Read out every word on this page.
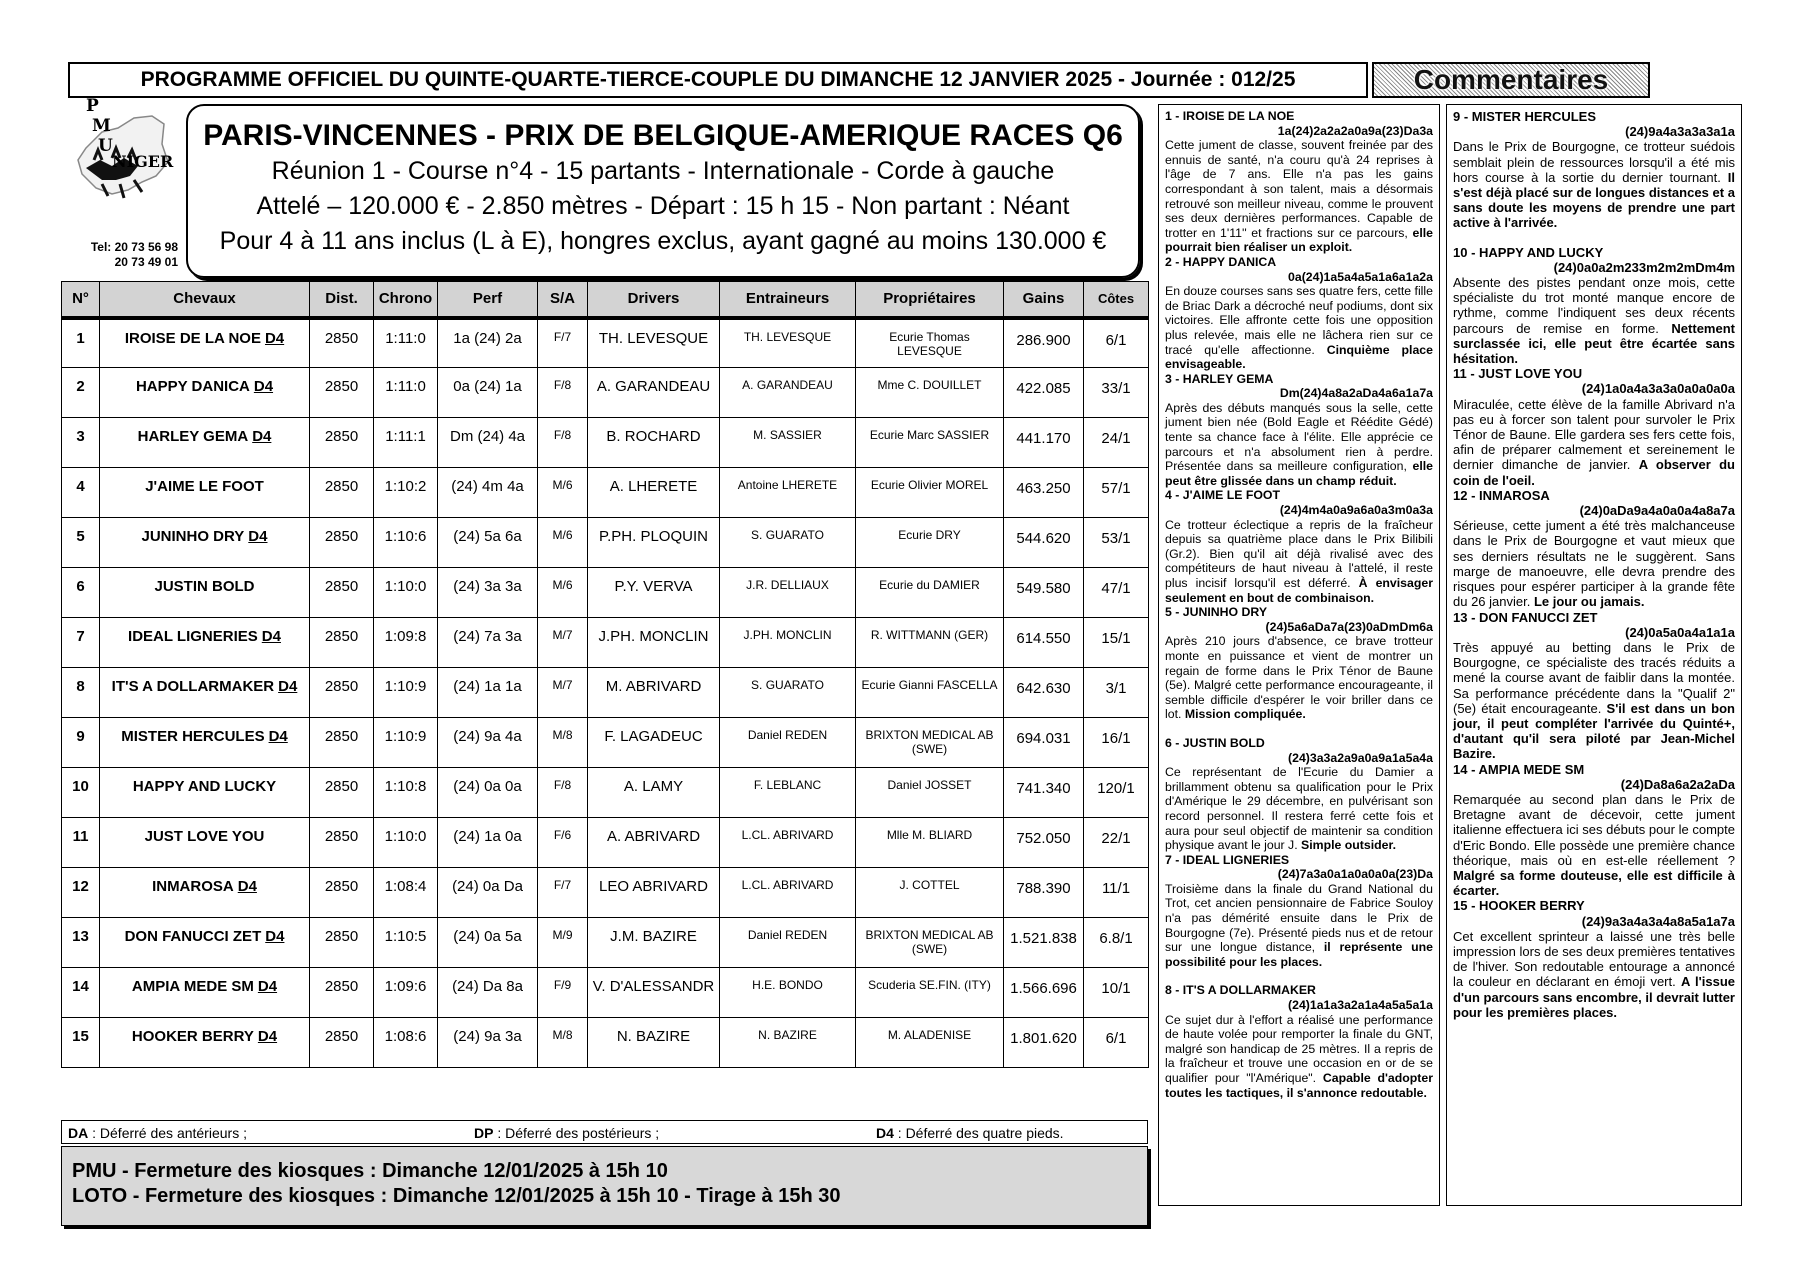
PROGRAMME OFFICIEL DU QUINTE-QUARTE-TIERCE-COUPLE DU DIMANCHE 12 JANVIER 2025 - Journée : 012/25	Commentaires
P
M
U
NIGER
Tel: 20 73 56 98
20 73 49 01
PARIS-VINCENNES - PRIX DE BELGIQUE-AMERIQUE RACES Q6
Réunion 1 - Course n°4 - 15 partants - Internationale - Corde à gauche
Attelé – 120.000 € - 2.850 mètres - Départ : 15 h 15 - Non partant : Néant
Pour 4 à 11 ans inclus (L à E), hongres exclus, ayant gagné au moins 130.000 €
N°	Chevaux	Dist.	Chrono	Perf	S/A	Drivers	Entraineurs	Propriétaires	Gains	Côtes
1	IROISE DE LA NOE D4	2850	1:11:0	1a (24) 2a	F/7	TH. LEVESQUE	TH. LEVESQUE	Ecurie Thomas LEVESQUE	286.900	6/1
2	HAPPY DANICA D4	2850	1:11:0	0a (24) 1a	F/8	A. GARANDEAU	A. GARANDEAU	Mme C. DOUILLET	422.085	33/1
3	HARLEY GEMA D4	2850	1:11:1	Dm (24) 4a	F/8	B. ROCHARD	M. SASSIER	Ecurie Marc SASSIER	441.170	24/1
4	J'AIME LE FOOT	2850	1:10:2	(24) 4m 4a	M/6	A. LHERETE	Antoine LHERETE	Ecurie Olivier MOREL	463.250	57/1
5	JUNINHO DRY D4	2850	1:10:6	(24) 5a 6a	M/6	P.PH. PLOQUIN	S. GUARATO	Ecurie DRY	544.620	53/1
6	JUSTIN BOLD	2850	1:10:0	(24) 3a 3a	M/6	P.Y. VERVA	J.R. DELLIAUX	Ecurie du DAMIER	549.580	47/1
7	IDEAL LIGNERIES D4	2850	1:09:8	(24) 7a 3a	M/7	J.PH. MONCLIN	J.PH. MONCLIN	R. WITTMANN (GER)	614.550	15/1
8	IT'S A DOLLARMAKER D4	2850	1:10:9	(24) 1a 1a	M/7	M. ABRIVARD	S. GUARATO	Ecurie Gianni FASCELLA	642.630	3/1
9	MISTER HERCULES D4	2850	1:10:9	(24) 9a 4a	M/8	F. LAGADEUC	Daniel REDEN	BRIXTON MEDICAL AB (SWE)	694.031	16/1
10	HAPPY AND LUCKY	2850	1:10:8	(24) 0a 0a	F/8	A. LAMY	F. LEBLANC	Daniel JOSSET	741.340	120/1
11	JUST LOVE YOU	2850	1:10:0	(24) 1a 0a	F/6	A. ABRIVARD	L.CL. ABRIVARD	Mlle M. BLIARD	752.050	22/1
12	INMAROSA D4	2850	1:08:4	(24) 0a Da	F/7	LEO ABRIVARD	L.CL. ABRIVARD	J. COTTEL	788.390	11/1
13	DON FANUCCI ZET D4	2850	1:10:5	(24) 0a 5a	M/9	J.M. BAZIRE	Daniel REDEN	BRIXTON MEDICAL AB (SWE)	1.521.838	6.8/1
14	AMPIA MEDE SM D4	2850	1:09:6	(24) Da 8a	F/9	V. D'ALESSANDR	H.E. BONDO	Scuderia SE.FIN. (ITY)	1.566.696	10/1
15	HOOKER BERRY D4	2850	1:08:6	(24) 9a 3a	M/8	N. BAZIRE	N. BAZIRE	M. ALADENISE	1.801.620	6/1
DA : Déferré des antérieurs ;	DP : Déferré des postérieurs ;	D4 : Déferré des quatre pieds.
PMU - Fermeture des kiosques : Dimanche 12/01/2025 à 15h 10
LOTO - Fermeture des kiosques : Dimanche 12/01/2025 à 15h 10 - Tirage à 15h 30
1 - IROISE DE LA NOE
1a(24)2a2a2a0a9a(23)Da3a
Cette jument de classe, souvent freinée par des ennuis de santé, n'a couru qu'à 24 reprises à l'âge de 7 ans. Elle n'a pas les gains correspondant à son talent, mais a désormais retrouvé son meilleur niveau, comme le prouvent ses deux dernières performances. Capable de trotter en 1'11'' et fractions sur ce parcours, elle pourrait bien réaliser un exploit.
2 - HAPPY DANICA
0a(24)1a5a4a5a1a6a1a2a
En douze courses sans ses quatre fers, cette fille de Briac Dark a décroché neuf podiums, dont six victoires. Elle affronte cette fois une opposition plus relevée, mais elle ne lâchera rien sur ce tracé qu'elle affectionne. Cinquième place envisageable.
3 - HARLEY GEMA
Dm(24)4a8a2aDa4a6a1a7a
Après des débuts manqués sous la selle, cette jument bien née (Bold Eagle et Réédite Gédé) tente sa chance face à l'élite. Elle apprécie ce parcours et n'a absolument rien à perdre. Présentée dans sa meilleure configuration, elle peut être glissée dans un champ réduit.
4 - J'AIME LE FOOT
(24)4m4a0a9a6a0a3m0a3a
Ce trotteur éclectique a repris de la fraîcheur depuis sa quatrième place dans le Prix Bilibili (Gr.2). Bien qu'il ait déjà rivalisé avec des compétiteurs de haut niveau à l'attelé, il reste plus incisif lorsqu'il est déferré. À envisager seulement en bout de combinaison.
5 - JUNINHO DRY
(24)5a6aDa7a(23)0aDmDm6a
Après 210 jours d'absence, ce brave trotteur monte en puissance et vient de montrer un regain de forme dans le Prix Ténor de Baune (5e). Malgré cette performance encourageante, il semble difficile d'espérer le voir briller dans ce lot. Mission compliquée.
6 - JUSTIN BOLD
(24)3a3a2a9a0a9a1a5a4a
Ce représentant de l'Ecurie du Damier a brillamment obtenu sa qualification pour le Prix d'Amérique le 29 décembre, en pulvérisant son record personnel. Il restera ferré cette fois et aura pour seul objectif de maintenir sa condition physique avant le jour J. Simple outsider.
7 - IDEAL LIGNERIES
(24)7a3a0a1a0a0a0a(23)Da
Troisième dans la finale du Grand National du Trot, cet ancien pensionnaire de Fabrice Souloy n'a pas démérité ensuite dans le Prix de Bourgogne (7e). Présenté pieds nus et de retour sur une longue distance, il représente une possibilité pour les places.
8 - IT'S A DOLLARMAKER
(24)1a1a3a2a1a4a5a5a1a
Ce sujet dur à l'effort a réalisé une performance de haute volée pour remporter la finale du GNT, malgré son handicap de 25 mètres. Il a repris de la fraîcheur et trouve une occasion en or de se qualifier pour "l'Amérique". Capable d'adopter toutes les tactiques, il s'annonce redoutable.
9 - MISTER HERCULES
(24)9a4a3a3a3a1a
Dans le Prix de Bourgogne, ce trotteur suédois semblait plein de ressources lorsqu'il a été mis hors course à la sortie du dernier tournant. Il s'est déjà placé sur de longues distances et a sans doute les moyens de prendre une part active à l'arrivée.
10 - HAPPY AND LUCKY
(24)0a0a2m233m2m2mDm4m
Absente des pistes pendant onze mois, cette spécialiste du trot monté manque encore de rythme, comme l'indiquent ses deux récents parcours de remise en forme. Nettement surclassée ici, elle peut être écartée sans hésitation.
11 - JUST LOVE YOU
(24)1a0a4a3a3a0a0a0a0a
Miraculée, cette élève de la famille Abrivard n'a pas eu à forcer son talent pour survoler le Prix Ténor de Baune. Elle gardera ses fers cette fois, afin de préparer calmement et sereinement le dernier dimanche de janvier. A observer du coin de l'oeil.
12 - INMAROSA
(24)0aDa9a4a0a0a4a8a7a
Sérieuse, cette jument a été très malchanceuse dans le Prix de Bourgogne et vaut mieux que ses derniers résultats ne le suggèrent. Sans marge de manoeuvre, elle devra prendre des risques pour espérer participer à la grande fête du 26 janvier. Le jour ou jamais.
13 - DON FANUCCI ZET
(24)0a5a0a4a1a1a
Très appuyé au betting dans le Prix de Bourgogne, ce spécialiste des tracés réduits a mené la course avant de faiblir dans la montée. Sa performance précédente dans la "Qualif 2" (5e) était encourageante. S'il est dans un bon jour, il peut compléter l'arrivée du Quinté+, d'autant qu'il sera piloté par Jean-Michel Bazire.
14 - AMPIA MEDE SM
(24)Da8a6a2a2aDa
Remarquée au second plan dans le Prix de Bretagne avant de décevoir, cette jument italienne effectuera ici ses débuts pour le compte d'Eric Bondo. Elle possède une première chance théorique, mais où en est-elle réellement ? Malgré sa forme douteuse, elle est difficile à écarter.
15 - HOOKER BERRY
(24)9a3a4a3a4a8a5a1a7a
Cet excellent sprinteur a laissé une très belle impression lors de ses deux premières tentatives de l'hiver. Son redoutable entourage a annoncé la couleur en déclarant en émoji vert. A l'issue d'un parcours sans encombre, il devrait lutter pour les premières places.
